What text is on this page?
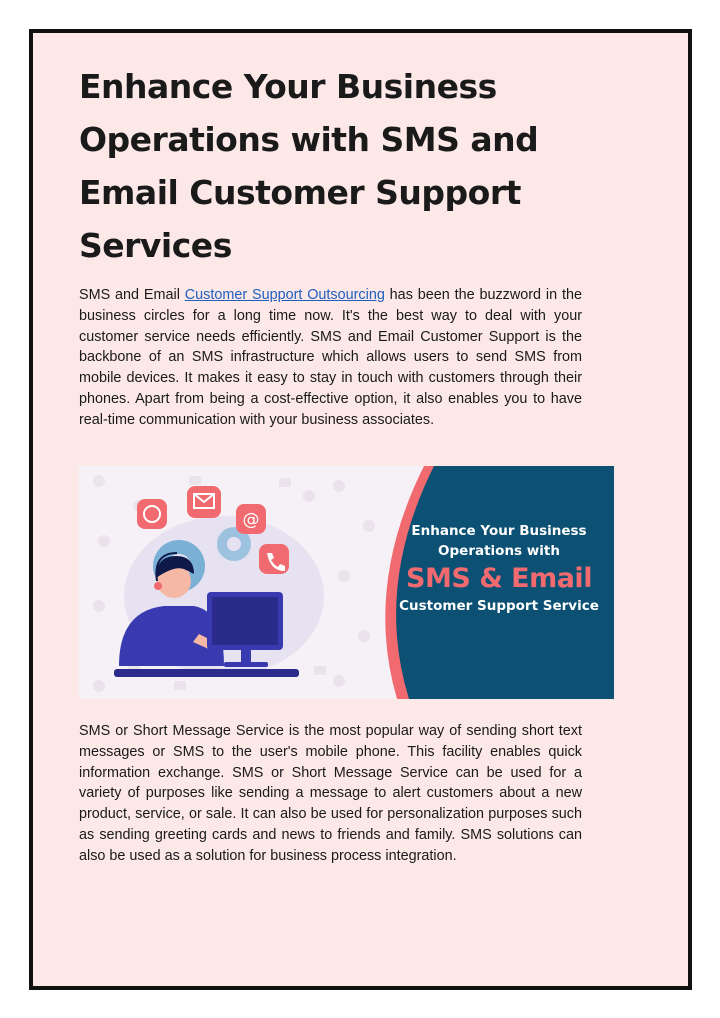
Enhance Your Business Operations with SMS and Email Customer Support Services

SMS and Email Customer Support Outsourcing has been the buzzword in the business circles for a long time now. It's the best way to deal with your customer service needs efficiently. SMS and Email Customer Support is the backbone of an SMS infrastructure which allows users to send SMS from mobile devices. It makes it easy to stay in touch with customers through their phones. Apart from being a cost-effective option, it also enables you to have real-time communication with your business associates.

@
Enhance Your Business
Operations with
SMS & Email
Customer Support Service

SMS or Short Message Service is the most popular way of sending short text messages or SMS to the user's mobile phone. This facility enables quick information exchange. SMS or Short Message Service can be used for a variety of purposes like sending a message to alert customers about a new product, service, or sale. It can also be used for personalization purposes such as sending greeting cards and news to friends and family. SMS solutions can also be used as a solution for business process integration.
